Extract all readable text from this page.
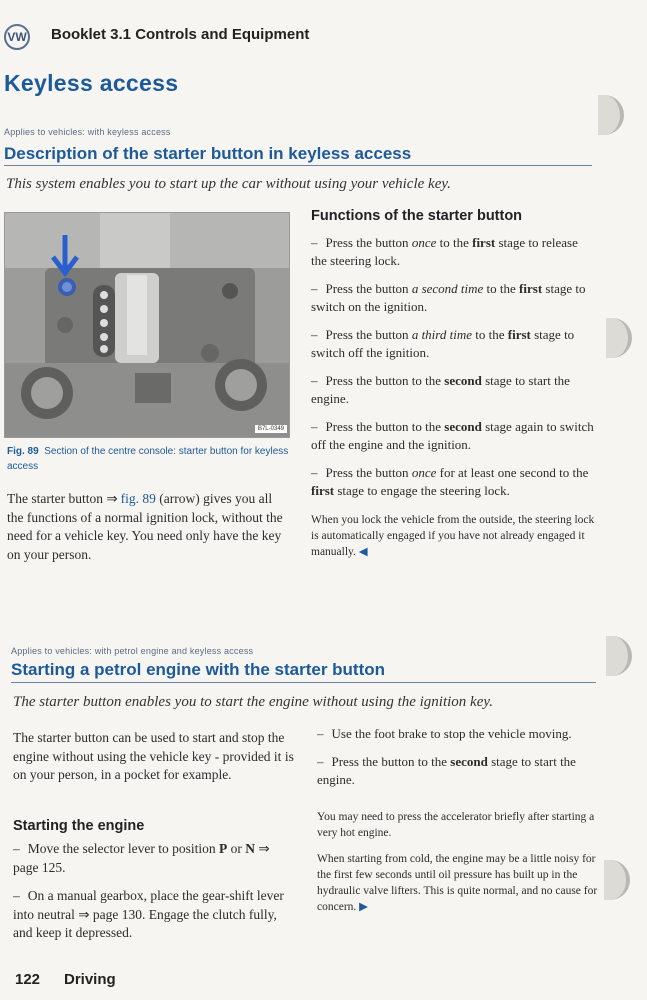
VW Booklet 3.1 Controls and Equipment
Keyless access
Applies to vehicles: with keyless access
Description of the starter button in keyless access
This system enables you to start up the car without using your vehicle key.
B7L-0349
Fig. 89 Section of the centre console: starter button for keyless access
The starter button ⇒ fig. 89 (arrow) gives you all the functions of a normal ignition lock, without the need for a vehicle key. You need only have the key on your person.
Functions of the starter button
– Press the button once to the first stage to release the steering lock.
– Press the button a second time to the first stage to switch on the ignition.
– Press the button a third time to the first stage to switch off the ignition.
– Press the button to the second stage to start the engine.
– Press the button to the second stage again to switch off the engine and the ignition.
– Press the button once for at least one second to the first stage to engage the steering lock.
When you lock the vehicle from the outside, the steering lock is automatically engaged if you have not already engaged it manually. ◀
Applies to vehicles: with petrol engine and keyless access
Starting a petrol engine with the starter button
The starter button enables you to start the engine without using the ignition key.
The starter button can be used to start and stop the engine without using the vehicle key - provided it is on your person, in a pocket for example.
Starting the engine
– Move the selector lever to position P or N ⇒ page 125.
– On a manual gearbox, place the gear-shift lever into neutral ⇒ page 130. Engage the clutch fully, and keep it depressed.
– Use the foot brake to stop the vehicle moving.
– Press the button to the second stage to start the engine.
You may need to press the accelerator briefly after starting a very hot engine.
When starting from cold, the engine may be a little noisy for the first few seconds until oil pressure has built up in the hydraulic valve lifters. This is quite normal, and no cause for concern. ▶
122 Driving
